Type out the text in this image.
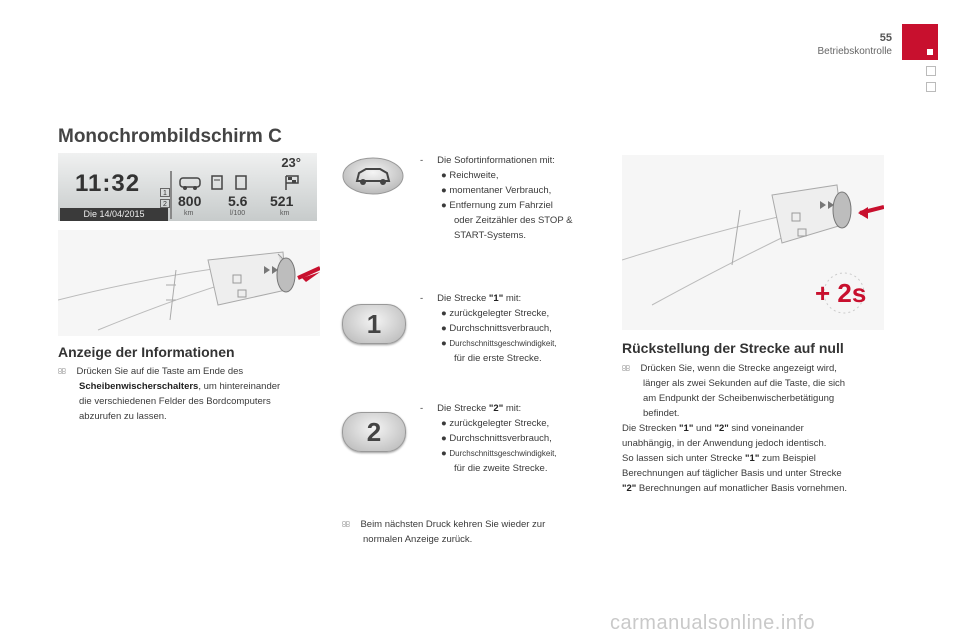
55
Betriebskontrolle
Monochrombildschirm C
23°
11:32
Die 14/04/2015
1
2 800 5.6 521
km	l/100	km
Anzeige der Informationen
Drücken Sie auf die Taste am Ende des
Scheibenwischerschalters, um hintereinander
die verschiedenen Felder des Bordcomputers
abzurufen zu lassen.
1
2
- Die Sofortinformationen mit:
● Reichweite,
● momentaner Verbrauch,
● Entfernung zum Fahrziel
oder Zeitzähler des STOP &
START-Systems.
- Die Strecke "1" mit:
● zurückgelegter Strecke,
● Durchschnittsverbrauch,
● Durchschnittsgeschwindigkeit,
für die erste Strecke.
- Die Strecke "2" mit:
● zurückgelegter Strecke,
● Durchschnittsverbrauch,
● Durchschnittsgeschwindigkeit,
für die zweite Strecke.
Beim nächsten Druck kehren Sie wieder zur
normalen Anzeige zurück.
+ 2s
Rückstellung der Strecke auf null
Drücken Sie, wenn die Strecke angezeigt wird,
länger als zwei Sekunden auf die Taste, die sich
am Endpunkt der Scheibenwischerbetätigung
befindet.
Die Strecken "1" und "2" sind voneinander
unabhängig, in der Anwendung jedoch identisch.
So lassen sich unter Strecke "1" zum Beispiel
Berechnungen auf täglicher Basis und unter Strecke
"2" Berechnungen auf monatlicher Basis vornehmen.
carmanualsonline.info
